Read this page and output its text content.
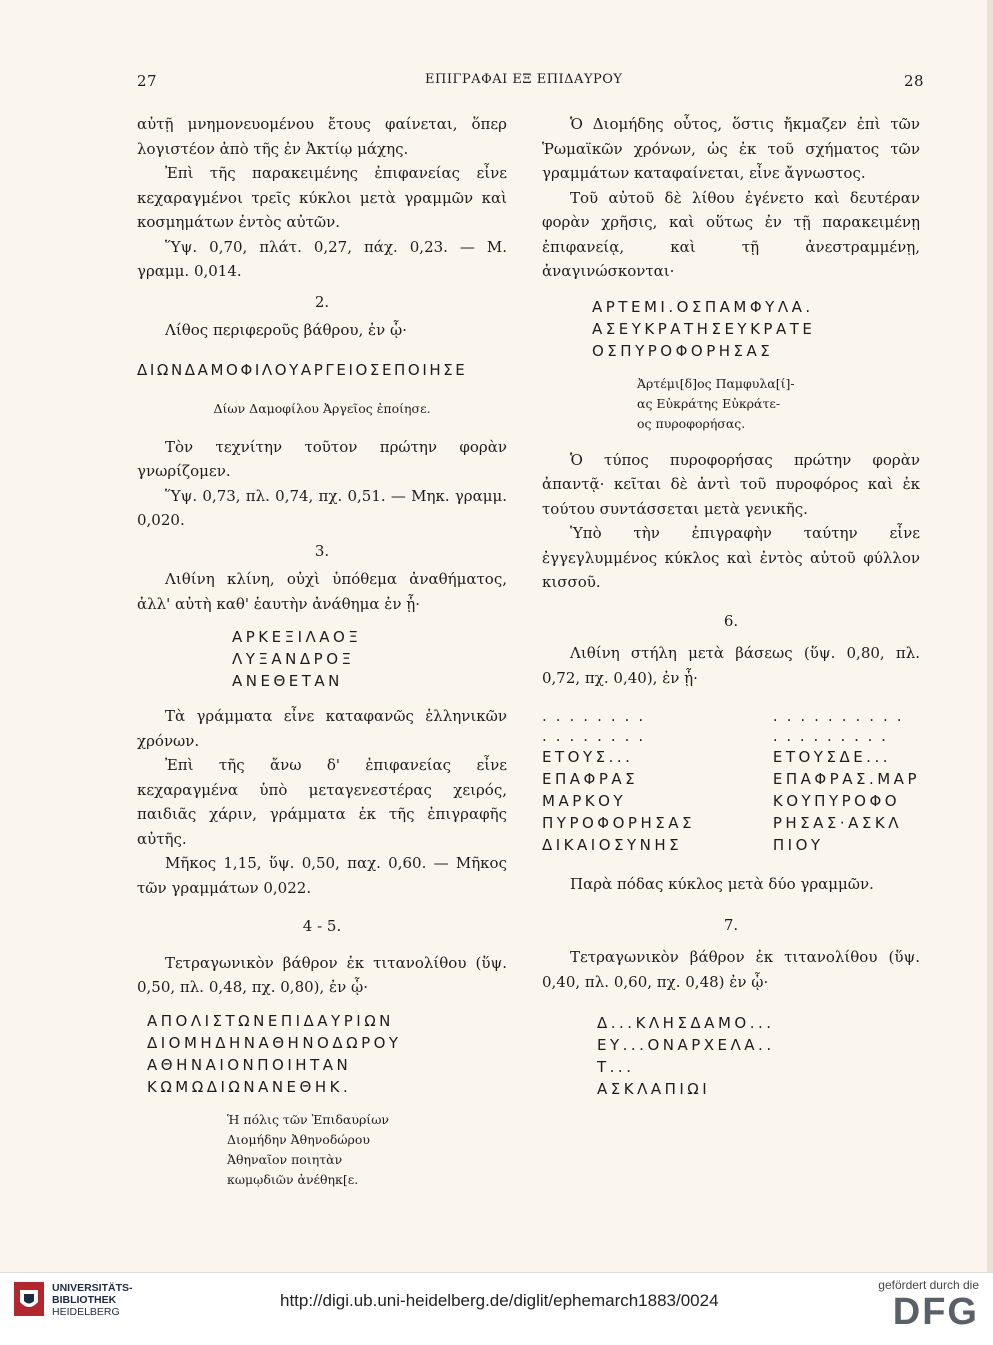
27	ΕΠΙΓΡΑΦΑΙ ΕΞ ΕΠΙΔΑΥΡΟΥ	28

αὐτῇ μνημονευομένου ἔτους φαίνεται, ὅπερ λογιστέον ἀπὸ τῆς ἐν Ἀκτίῳ μάχης.

Ἐπὶ τῆς παρακειμένης ἐπιφανείας εἶνε κεχαραγμένοι τρεῖς κύκλοι μετὰ γραμμῶν καὶ κοσμημάτων ἐντὸς αὐτῶν.

Ὕψ. 0,70, πλάτ. 0,27, πάχ. 0,23. — Μ. γραμμ. 0,014.

2.

Λίθος περιφεροῦς βάθρου, ἐν ᾧ·

ΔΙΩΝΔΑΜΟΦΙΛΟΥΑΡΓΕΙΟΣΕΠΟΙΗΣΕ
Δίων Δαμοφίλου Ἀργεῖος ἐποίησε.

Τὸν τεχνίτην τοῦτον πρώτην φορὰν γνωρίζομεν.

Ὕψ. 0,73, πλ. 0,74, πχ. 0,51. — Μηκ. γραμμ. 0,020.

3.

Λιθίνη κλίνη, οὐχὶ ὑπόθεμα ἀναθήματος, ἀλλ' αὐτὴ καθ' ἑαυτὴν ἀνάθημα ἐν ᾗ·

ΑΡΚΕΞΙΛΑΟΞ
ΛΥΞΑΝΔΡΟΞ
ΑΝΕΘΕΤΑΝ

Τὰ γράμματα εἶνε καταφανῶς ἑλληνικῶν χρόνων.

Ἐπὶ τῆς ἄνω δ' ἐπιφανείας εἶνε κεχαραγμένα ὑπὸ μεταγενεστέρας χειρός, παιδιᾶς χάριν, γράμματα ἐκ τῆς ἐπιγραφῆς αὐτῆς.

Μῆκος 1,15, ὕψ. 0,50, παχ. 0,60. — Μῆκος τῶν γραμμάτων 0,022.

4 - 5.

Τετραγωνικὸν βάθρον ἐκ τιτανολίθου (ὕψ. 0,50, πλ. 0,48, πχ. 0,80), ἐν ᾧ·

ΑΠΟΛΙΣΤΩΝΕΠΙΔΑΥΡΙΩΝ
ΔΙΟΜΗΔΗΝΑΘΗΝΟΔΩΡΟΥ
ΑΘΗΝΑΙΟΝΠΟΙΗΤΑΝ
ΚΩΜΩΔΙΩΝΑΝΕΘΗΚ.
Ἡ πόλις τῶν Ἐπιδαυρίων
Διομήδην Ἀθηνοδώρου
Ἀθηναῖον ποιητὰν
κωμῳδιῶν ἀνέθηκ[ε.

Ὁ Διομήδης οὗτος, ὅστις ἤκμαζεν ἐπὶ τῶν Ῥωμαϊκῶν χρόνων, ὡς ἐκ τοῦ σχήματος τῶν γραμμάτων καταφαίνεται, εἶνε ἄγνωστος.

Τοῦ αὐτοῦ δὲ λίθου ἐγένετο καὶ δευτέραν φορὰν χρῆσις, καὶ οὕτως ἐν τῇ παρακειμένῃ ἐπιφανείᾳ, καὶ τῇ ἀνεστραμμένῃ, ἀναγινώσκονται·

ΑΡΤΕΜΙ.ΟΣΠΑΜΦΥΛΑ.
ΑΣΕΥΚΡΑΤΗΣΕΥΚΡΑΤΕ
ΟΣΠΥΡΟΦΟΡΗΣΑΣ
Ἀρτέμι[δ]ος Παμφυλα[ί]-
ας Εὐκράτης Εὐκράτε-
ος πυροφορήσας.

Ὁ τύπος πυροφορήσας πρώτην φορὰν ἀπαντᾷ· κεῖται δὲ ἀντὶ τοῦ πυροφόρος καὶ ἐκ τούτου συντάσσεται μετὰ γενικῆς.

Ὑπὸ τὴν ἐπιγραφὴν ταύτην εἶνε ἐγγεγλυμμένος κύκλος καὶ ἐντὸς αὐτοῦ φύλλον κισσοῦ.

6.

Λιθίνη στήλη μετὰ βάσεως (ὕψ. 0,80, πλ. 0,72, πχ. 0,40), ἐν ᾗ·

........
........
ΕΤΟΥΣ...
ΕΠΑΦΡΑΣ
ΜΑΡΚΟΥ
ΠΥΡΟΦΟΡΗΣΑΣ
ΔΙΚΑΙΟΣΥΝΗΣ
..........
. . . . . . . . .
ΕΤΟΥΣΔΕ...
ΕΠΑΦΡΑΣ.ΜΑΡ
ΚΟΥΠΥΡΟΦΟ
ΡΗΣΑΣ·ΑΣΚΛ
ΠΙΟΥ

Παρὰ πόδας κύκλος μετὰ δύο γραμμῶν.

7.

Τετραγωνικὸν βάθρον ἐκ τιτανολίθου (ὕψ. 0,40, πλ. 0,60, πχ. 0,48) ἐν ᾧ·

Δ...ΚΛΗΣΔΑΜΟ...
ΕΥ...ΟΝΑΡΧΕΛΑ..
Τ...
ΑΣΚΛΑΠΙΩΙ
UNIVERSITÄTS-
BIBLIOTHEK
HEIDELBERG
http://digi.ub.uni-heidelberg.de/diglit/ephemarch1883/0024
gefördert durch die
DFG
